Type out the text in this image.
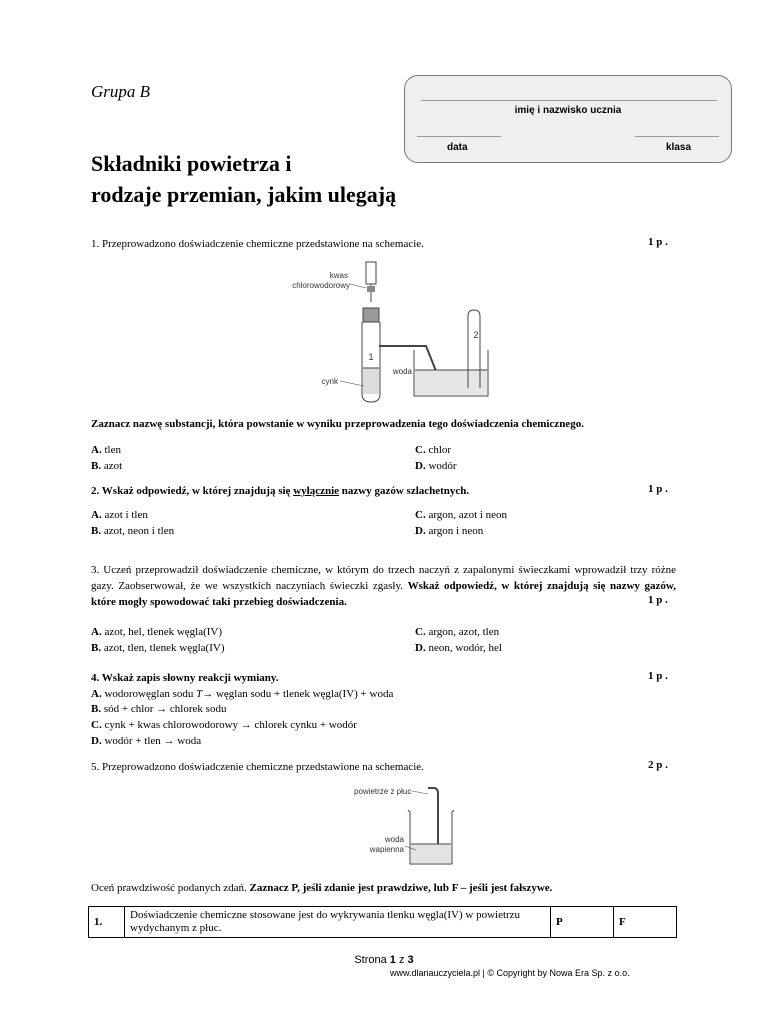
Grupa B
Składniki powietrza i
rodzaje przemian, jakim ulegają
imię i nazwisko ucznia
data	klasa
1. Przeprowadzono doświadczenie chemiczne przedstawione na schemacie.	1 p .
1
2
kwas
chlorowodorowy
cynk
woda
Zaznacz nazwę substancji, która powstanie w wyniku przeprowadzenia tego doświadczenia chemicznego.
A. tlen
B. azot
C. chlor
D. wodór
2. Wskaż odpowiedź, w której znajdują się wyłącznie nazwy gazów szlachetnych.	1 p .
A. azot i tlen
B. azot, neon i tlen
C. argon, azot i neon
D. argon i neon
3. Uczeń przeprowadził doświadczenie chemiczne, w którym do trzech naczyń z zapalonymi świeczkami wprowadził trzy różne gazy. Zaobserwował, że we wszystkich naczyniach świeczki zgasły. Wskaż odpowiedź, w której znajdują się nazwy gazów, które mogły spowodować taki przebieg doświadczenia.	1 p .
A. azot, hel, tlenek węgla(IV)
B. azot, tlen, tlenek węgla(IV)
C. argon, azot, tlen
D. neon, wodór, hel
4. Wskaż zapis słowny reakcji wymiany.	1 p .
A. wodorowęglan sodu T→ węglan sodu + tlenek węgla(IV) + woda
B. sód + chlor → chlorek sodu
C. cynk + kwas chlorowodorowy → chlorek cynku + wodór
D. wodór + tlen → woda
5. Przeprowadzono doświadczenie chemiczne przedstawione na schemacie.	2 p .
powietrze z płuc
woda
wapienna
Oceń prawdziwość podanych zdań. Zaznacz P, jeśli zdanie jest prawdziwe, lub F – jeśli jest fałszywe.
1.	Doświadczenie chemiczne stosowane jest do wykrywania tlenku węgla(IV) w powietrzu wydychanym z płuc.	P	F
Strona 1 z 3
www.dlanauczyciela.pl | © Copyright by Nowa Era Sp. z o.o.
